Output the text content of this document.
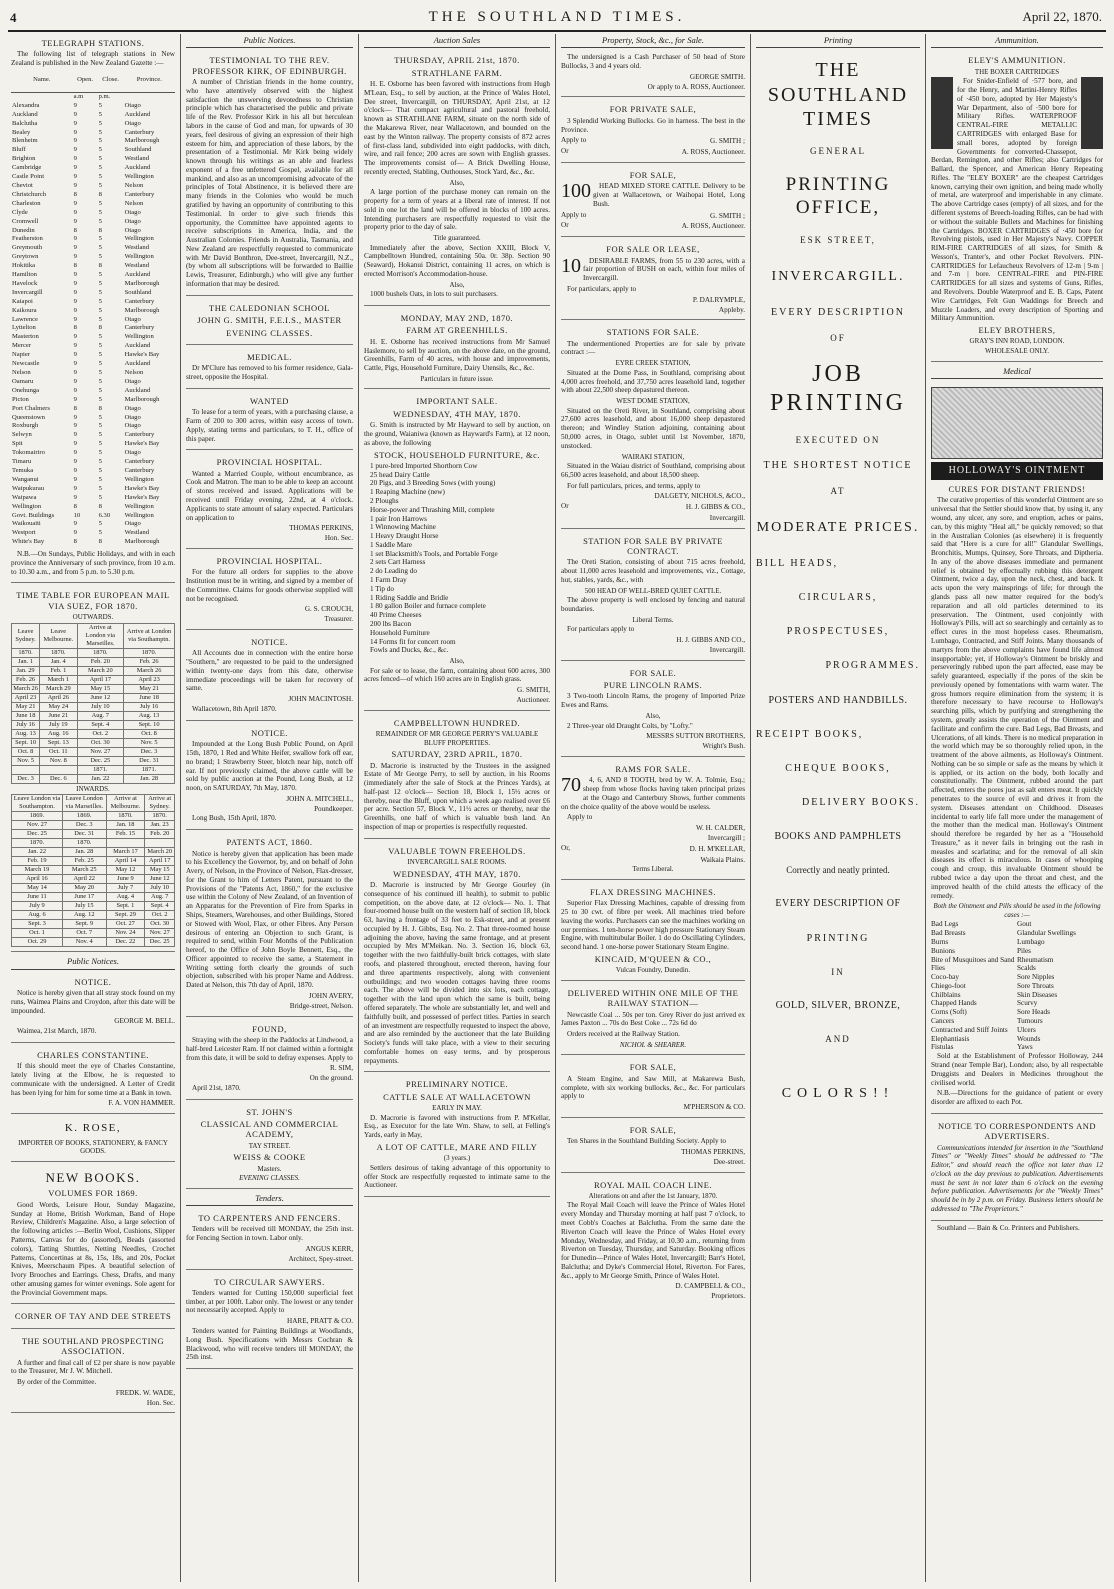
4	THE SOUTHLAND TIMES.	April 22, 1870.
TELEGRAPH STATIONS.

The following list of telegraph stations in New Zealand is published in the New Zealand Gazette :—

Name.	Open.	Close.	Province.
	a.m	p.m.	
Alexandra	9	5	Otago
Auckland	9	5	Auckland
Balclutha	9	5	Otago
Bealey	9	5	Canterbury
Blenheim	9	5	Marlborough
Bluff	9	5	Southland
Brighton	9	5	Westland
Cambridge	9	5	Auckland
Castle Point	9	5	Wellington
Cheviot	9	5	Nelson
Christchurch	8	8	Canterbury
Charleston	9	5	Nelson
Clyde	9	5	Otago
Cromwell	9	5	Otago
Dunedin	8	8	Otago
Featherston	9	5	Wellington
Greymouth	9	5	Westland
Greytown	9	5	Wellington
Hokitika	8	8	Westland
Hamilton	9	5	Auckland
Havelock	9	5	Marlborough
Invercargill	9	5	Southland
Kaiapoi	9	5	Canterbury
Kaikoura	9	5	Marlborough
Lawrence	9	5	Otago
Lyttelton	8	8	Canterbury
Masterton	9	5	Wellington
Mercer	9	5	Auckland
Napier	9	5	Hawke's Bay
Newcastle	9	5	Auckland
Nelson	9	5	Nelson
Oamaru	9	5	Otago
Onehunga	9	5	Auckland
Picton	9	5	Marlborough
Port Chalmers	8	8	Otago
Queenstown	9	5	Otago
Roxburgh	9	5	Otago
Selwyn	9	5	Canterbury
Spit	9	5	Hawke's Bay
Tokomairiro	9	5	Otago
Timaru	9	5	Canterbury
Temuka	9	5	Canterbury
Wanganui	9	5	Wellington
Waipukurau	9	5	Hawke's Bay
Waipawa	9	5	Hawke's Bay
Wellington	8	8	Wellington
Govt. Buildings	10	6.30	Wellington
Waikouaiti	9	5	Otago
Westport	9	5	Westland
White's Bay	8	8	Marlborough

N.B.—On Sundays, Public Holidays, and with in each province the Anniversary of such province, from 10 a.m. to 10.30 a.m., and from 5 p.m. to 5.30 p.m.

TIME TABLE FOR EUROPEAN MAIL VIA SUEZ, FOR 1870.
OUTWARDS.
Leave Sydney.	Leave Melbourne.	Arrive at London via Marseilles.	Arrive at London via Southamptn.
1870.	1870.	1870.	1870.
Jan. 1	Jan. 4	Feb. 20	Feb. 26
Jan. 29	Feb. 1	March 20	March 26
Feb. 26	March 1	April 17	April 23
March 26	March 29	May 15	May 21
April 23	April 26	June 12	June 18
May 21	May 24	July 10	July 16
June 18	June 21	Aug. 7	Aug. 13
July 16	July 19	Sept. 4	Sept. 10
Aug. 13	Aug. 16	Oct. 2	Oct. 8
Sept. 10	Sept. 13	Oct. 30	Nov. 5
Oct. 8	Oct. 11	Nov. 27	Dec. 3
Nov. 5	Nov. 8	Dec. 25	Dec. 31
		1871.	1871.
Dec. 3	Dec. 6	Jan. 22	Jan. 28
INWARDS.
Leave London via Southampton.	Leave London via Marseilles.	Arrive at Melbourne.	Arrive at Sydney.
1869.	1869.	1870.	1870.
Nov. 27	Dec. 3	Jan. 18	Jan. 23
Dec. 25	Dec. 31	Feb. 15	Feb. 20
1870.	1870.		
Jan. 22	Jan. 28	March 17	March 20
Feb. 19	Feb. 25	April 14	April 17
March 19	March 25	May 12	May 15
April 16	April 22	June 9	June 12
May 14	May 20	July 7	July 10
June 11	June 17	Aug. 4	Aug. 7
July 9	July 15	Sept. 1	Sept. 4
Aug. 6	Aug. 12	Sept. 29	Oct. 2
Sept. 3	Sept. 9	Oct. 27	Oct. 30
Oct. 1	Oct. 7	Nov. 24	Nov. 27
Oct. 29	Nov. 4	Dec. 22	Dec. 25
Public Notices.
NOTICE.

Notice is hereby given that all stray stock found on my runs, Waimea Plains and Croydon, after this date will be impounded.

GEORGE M. BELL.

Waimea, 21st March, 1870.

CHARLES CONSTANTINE.

If this should meet the eye of Charles Constantine, lately living at the Elbow, he is requested to communicate with the undersigned. A Letter of Credit has been lying for him for some time at a Bank in town.

F. A. VON HAMMER.
K. ROSE,
IMPORTER OF BOOKS, STATIONERY, & FANCY GOODS.
NEW BOOKS.
VOLUMES FOR 1869.

Good Words, Leisure Hour, Sunday Magazine, Sunday at Home, British Workman, Band of Hope Review, Children's Magazine. Also, a large selection of the following articles :—Berlin Wool, Cushions, Slipper Patterns, Canvas for do (assorted), Beads (assorted colors), Tatting Shuttles, Netting Needles, Crochet Patterns, Concertinas at 8s, 15s, 18s, and 20s, Pocket Knives, Meerschaum Pipes. A beautiful selection of Ivory Brooches and Earrings. Chess, Drafts, and many other amusing games for winter evenings. Sole agent for the Provincial Government maps.

CORNER OF TAY AND DEE STREETS
THE SOUTHLAND PROSPECTING ASSOCIATION.

A further and final call of £2 per share is now payable to the Treasurer, Mr J. W. Mitchell.

By order of the Committee.

FREDK. W. WADE,
Hon. Sec.
Public Notices.
TESTIMONIAL TO THE REV. PROFESSOR KIRK, OF EDINBURGH.

A number of Christian friends in the home country, who have attentively observed with the highest satisfaction the unswerving devotedness to Christian principle which has characterised the public and private life of the Rev. Professor Kirk in his all but herculean labors in the cause of God and man, for upwards of 30 years, feel desirous of giving an expression of their high esteem for him, and appreciation of these labors, by the presentation of a Testimonial. Mr Kirk being widely known through his writings as an able and fearless exponent of a free unfettered Gospel, available for all mankind, and also as an uncompromising advocate of the principles of Total Abstinence, it is believed there are many friends in the Colonies who would be much gratified by having an opportunity of contributing to this Testimonial. In order to give such friends this opportunity, the Committee have appointed agents to receive subscriptions in America, India, and the Australian Colonies. Friends in Australia, Tasmania, and New Zealand are respectfully requested to communicate with Mr David Bonthron, Dee-street, Invercargill, N.Z., (by whom all subscriptions will be forwarded to Baillie Lewis, Treasurer, Edinburgh,) who will give any further information that may be desired.

THE CALEDONIAN SCHOOL
JOHN G. SMITH, F.E.I.S., MASTER
EVENING CLASSES.
MEDICAL.

Dr M'Clure has removed to his former residence, Gala-street, opposite the Hospital.

WANTED

To lease for a term of years, with a purchasing clause, a Farm of 200 to 300 acres, within easy access of town. Apply, stating terms and particulars, to T. H., office of this paper.

PROVINCIAL HOSPITAL.

Wanted a Married Couple, without encumbrance, as Cook and Matron. The man to be able to keep an account of stores received and issued. Applications will be received until Friday evening, 22nd, at 4 o'clock. Applicants to state amount of salary expected. Particulars on application to

THOMAS PERKINS,
Hon. Sec.
PROVINCIAL HOSPITAL.

For the future all orders for supplies to the above Institution must be in writing, and signed by a member of the Committee. Claims for goods otherwise supplied will not be recognised.

G. S. CROUCH,
Treasurer.
NOTICE.

All Accounts due in connection with the entire horse "Southern," are requested to be paid to the undersigned within twenty-one days from this date, otherwise immediate proceedings will be taken for recovery of same.

JOHN MACINTOSH.

Wallacetown, 8th April 1870.

NOTICE.

Impounded at the Long Bush Public Pound, on April 15th, 1870, 1 Red and White Heifer, swallow fork off ear, no brand; 1 Strawberry Steer, blotch near hip, notch off ear. If not previously claimed, the above cattle will be sold by public auction at the Pound, Long Bush, at 12 noon, on SATURDAY, 7th May, 1870.

JOHN A. MITCHELL,
Poundkeeper.

Long Bush, 15th April, 1870.

PATENTS ACT, 1860.

Notice is hereby given that application has been made to his Excellency the Governor, by, and on behalf of John Avery, of Nelson, in the Province of Nelson, Flax-dresser, for the Grant to him of Letters Patent, pursuant to the Provisions of the "Patents Act, 1860," for the exclusive use within the Colony of New Zealand, of an Invention of an Apparatus for the Prevention of Fire from Sparks in Ships, Steamers, Warehouses, and other Buildings, Stored or Stowed with Wool, Flax, or other Fibres. Any Person desirous of entering an Objection to such Grant, is required to send, within Four Months of the Publication hereof, to the Office of John Boyle Bennett, Esq., the Officer appointed to receive the same, a Statement in Writing setting forth clearly the grounds of such objection, subscribed with his proper Name and Address. Dated at Nelson, this 7th day of April, 1870.

JOHN AVERY,
Bridge-street, Nelson.
FOUND,

Straying with the sheep in the Paddocks at Lindwood, a half-bred Leicester Ram. If not claimed within a fortnight from this date, it will be sold to defray expenses. Apply to

R. SIM,
On the ground.

April 21st, 1870.

ST. JOHN'S
CLASSICAL AND COMMERCIAL ACADEMY,
TAY STREET.
WEISS & COOKE
Masters.
EVENING CLASSES.
Tenders.
TO CARPENTERS AND FENCERS.

Tenders will be received till MONDAY, the 25th inst. for Fencing Section in town. Labor only.

ANGUS KERR,
Architect, Spey-street.
TO CIRCULAR SAWYERS.

Tenders wanted for Cutting 150,000 superficial feet timber, at per 100ft. Labor only. The lowest or any tender not necessarily accepted. Apply to

HARE, PRATT & CO.

Tenders wanted for Painting Buildings at Woodlands, Long Bush. Specifications with Messrs Cochran & Blackwood, who will receive tenders till MONDAY, the 25th inst.

Auction Sales
THURSDAY, APRIL 21st, 1870.
STRATHLANE FARM.

H. E. Osborne has been favored with instructions from Hugh M'Lean, Esq., to sell by auction, at the Prince of Wales Hotel, Dee street, Invercargill, on THURSDAY, April 21st, at 12 o'clock— That compact agricultural and pastoral freehold, known as STRATHLANE FARM, situate on the north side of the Makarewa River, near Wallacetown, and bounded on the east by the Winton railway. The property consists of 872 acres of first-class land, subdivided into eight paddocks, with ditch, wire, and rail fence; 200 acres are sown with English grasses. The improvements consist of— A Brick Dwelling House, recently erected, Stabling, Outhouses, Stock Yard, &c., &c.

Also,

A large portion of the purchase money can remain on the property for a term of years at a liberal rate of interest. If not sold in one lot the land will be offered in blocks of 100 acres. Intending purchasers are respectfully requested to visit the property prior to the day of sale.

Title guaranteed.

Immediately after the above, Section XXIII, Block V, Campbelltown Hundred, containing 50a. 0r. 38p. Section 90 (Seaward), Hokanui District, containing 11 acres, on which is erected Morrison's Accommodation-house.

Also,

1000 bushels Oats, in lots to suit purchasers.

MONDAY, MAY 2ND, 1870.
FARM AT GREENHILLS.

H. E. Osborne has received instructions from Mr Samuel Haslemore, to sell by auction, on the above date, on the ground, Greenhills, Farm of 40 acres, with house and improvements, Cattle, Pigs, Household Furniture, Dairy Utensils, &c., &c.

Particulars in future issue.
IMPORTANT SALE.
WEDNESDAY, 4TH MAY, 1870.

G. Smith is instructed by Mr Hayward to sell by auction, on the ground, Waianiwa (known as Hayward's Farm), at 12 noon, as above, the following

STOCK, HOUSEHOLD FURNITURE, &c.
1 pure-bred Imported Shorthorn Cow
25 head Dairy Cattle
20 Pigs, and 3 Breeding Sows (with young)
1 Reaping Machine (new)
2 Ploughs
Horse-power and Thrashing Mill, complete
1 pair Iron Harrows
1 Winnowing Machine
1 Heavy Draught Horse
1 Saddle Mare
1 set Blacksmith's Tools, and Portable Forge
2 sets Cart Harness
2 do Leading do
1 Farm Dray
1 Tip do
1 Riding Saddle and Bridle
1 80 gallon Boiler and furnace complete
40 Prime Cheeses
200 lbs Bacon
Household Furniture
14 Forms fit for concert room
Fowls and Ducks, &c., &c.
Also,

For sale or to lease, the farm, containing about 600 acres, 300 acres fenced—of which 160 acres are in English grass.

G. SMITH,
Auctioneer.
CAMPBELLTOWN HUNDRED.
REMAINDER OF MR GEORGE PERRY'S VALUABLE BLUFF PROPERTIES.
SATURDAY, 23RD APRIL, 1870.

D. Macrorie is instructed by the Trustees in the assigned Estate of Mr George Perry, to sell by auction, in his Rooms (immediately after the sale of Stock at the Princes Yards), at half-past 12 o'clock— Section 18, Block 1, 15½ acres or thereby, near the Bluff, upon which a week ago realised over £6 per acre. Section 57, Block V., 11½ acres or thereby, near the Greenhills, one half of which is valuable bush land. An inspection of map or properties is respectfully requested.

VALUABLE TOWN FREEHOLDS.
INVERCARGILL SALE ROOMS.
WEDNESDAY, 4TH MAY, 1870.

D. Macrorie is instructed by Mr George Gourley (in consequence of his continued ill health), to submit to public competition, on the above date, at 12 o'clock— No. 1. That four-roomed house built on the western half of section 18, block 63, having a frontage of 33 feet to Esk-street, and at present occupied by H. J. Gibbs, Esq. No. 2. That three-roomed house adjoining the above, having the same frontage, and at present occupied by Mrs M'Meikan. No. 3. Section 16, block 63, together with the two faithfully-built brick cottages, with slate roofs, and plastered throughout, erected thereon, having four and three apartments respectively, along with convenient outbuildings; and two wooden cottages having three rooms each. The above will be divided into six lots, each cottage, together with the land upon which the same is built, being offered separately. The whole are substantially let, and well and faithfully built, and possessed of perfect titles. Parties in search of an investment are respectfully requested to inspect the above, and are also reminded by the auctioneer that the late Building Society's funds will take place, with a view to their securing comfortable homes on easy terms, and by prosperous repayments.

PRELIMINARY NOTICE.
CATTLE SALE AT WALLACETOWN
EARLY IN MAY.

D. Macrorie is favored with instructions from P. M'Kellar, Esq., as Executor for the late Wm. Shaw, to sell, at Felling's Yards, early in May,

A LOT OF CATTLE, MARE AND FILLY
(3 years.)

Settlers desirous of taking advantage of this opportunity to offer Stock are respectfully requested to intimate same to the Auctioneer.

Property, Stock, &c., for Sale.

The undersigned is a Cash Purchaser of 50 head of Store Bullocks, 3 and 4 years old.

GEORGE SMITH.
Or apply to A. ROSS, Auctioneer.
FOR PRIVATE SALE,

3 Splendid Working Bullocks. Go in harness. The best in the Province.

Apply to	G. SMITH ;
Or	A. ROSS, Auctioneer.
FOR SALE,
100	HEAD MIXED STORE CATTLE. Delivery to be given at Wallacetown, or Waihopai Hotel, Long Bush.

Apply to	G. SMITH ;
Or	A. ROSS, Auctioneer.
FOR SALE OR LEASE,
10	DESIRABLE FARMS, from 55 to 230 acres, with a fair proportion of BUSH on each, within four miles of Invercargill.

For particulars, apply to

P. DALRYMPLE,
Appleby.
STATIONS FOR SALE.

The undermentioned Properties are for sale by private contract :—

EYRE CREEK STATION,

Situated at the Dome Pass, in Southland, comprising about 4,000 acres freehold, and 37,750 acres leasehold land, together with about 22,500 sheep depastured thereon.

WEST DOME STATION,

Situated on the Oreti River, in Southland, comprising about 27,600 acres leasehold, and about 16,000 sheep depastured thereon; and Windley Station adjoining, containing about 50,000 acres, in Otago, sublet until 1st November, 1870, unstocked.

WAIRAKI STATION,

Situated in the Waiau district of Southland, comprising about 66,500 acres leasehold, and about 18,500 sheep.

For full particulars, prices, and terms, apply to

DALGETY, NICHOLS, &CO.,
Or	H. J. GIBBS & CO.,
Invercargill.
STATION FOR SALE BY PRIVATE CONTRACT.

The Oreti Station, consisting of about 715 acres freehold, about 11,000 acres leasehold and improvements, viz., Cottage, hut, stables, yards, &c., with

500 HEAD OF WELL-BRED QUIET CATTLE.

The above property is well enclosed by fencing and natural boundaries.

Liberal Terms.

For particulars apply to

H. J. GIBBS AND CO.,
Invercargill.
FOR SALE.
PURE LINCOLN RAMS.

3 Two-tooth Lincoln Rams, the progeny of Imported Prize Ewes and Rams.

Also,

2 Three-year old Draught Colts, by "Lofty."

MESSRS SUTTON BROTHERS,
Wright's Bush.
RAMS FOR SALE.
70	4, 6, AND 8 TOOTH, bred by W. A. Tolmie, Esq.; sheep from whose flocks having taken principal prizes at the Otago and Canterbury Shows, further comments on the choice quality of the above would be useless.

Apply to

W. H. CALDER,
Invercargill ;
Or,	D. H. M'KELLAR,
Waikaia Plains.
Terms Liberal.
FLAX DRESSING MACHINES.

Superior Flax Dressing Machines, capable of dressing from 25 to 30 cwt. of fibre per week. All machines tried before leaving the works. Purchasers can see the machines working on our premises. 1 ten-horse power high pressure Stationary Steam Engine, with multitubular Boiler. 1 do do Oscillating Cylinders, second hand. 1 one-horse power Stationary Steam Engine.

KINCAID, M'QUEEN & CO.,
Vulcan Foundry, Dunedin.
DELIVERED WITHIN ONE MILE OF THE RAILWAY STATION—

Newcastle Coal ... 50s per ton. Grey River do just arrived ex James Paxton ... 70s do Best Coke ... 72s 6d do

Orders received at the Railway Station.

NICHOL & SHEARER.
FOR SALE,

A Steam Engine, and Saw Mill, at Makarewa Bush, complete, with six working bullocks, &c., &c. For particulars apply to

M'PHERSON & CO.
FOR SALE,

Ten Shares in the Southland Building Society. Apply to

THOMAS PERKINS,
Dee-street.
ROYAL MAIL COACH LINE.
Alterations on and after the 1st January, 1870.

The Royal Mail Coach will leave the Prince of Wales Hotel every Monday and Thursday morning at half past 7 o'clock, to meet Cobb's Coaches at Balclutha. From the same date the Riverton Coach will leave the Prince of Wales Hotel every Monday, Wednesday, and Friday, at 10.30 a.m., returning from Riverton on Tuesday, Thursday, and Saturday. Booking offices for Dunedin—Prince of Wales Hotel, Invercargill; Barr's Hotel, Balclutha; and Dyke's Commercial Hotel, Riverton. For Fares, &c., apply to Mr George Smith, Prince of Wales Hotel.

D. CAMPBELL & CO.,
Proprietors.
Printing
THE SOUTHLAND TIMES
GENERAL
PRINTING OFFICE,
ESK STREET,
INVERCARGILL.
EVERY DESCRIPTION
OF
JOB PRINTING
EXECUTED ON
THE SHORTEST NOTICE
AT
MODERATE PRICES.
BILL HEADS,
CIRCULARS,
PROSPECTUSES,
PROGRAMMES.
POSTERS AND HANDBILLS.
RECEIPT BOOKS,
CHEQUE BOOKS,
DELIVERY BOOKS.
BOOKS AND PAMPHLETS
Correctly and neatly printed.
EVERY DESCRIPTION OF
PRINTING
IN
GOLD, SILVER, BRONZE,
AND
COLORS!!
Ammunition.
ELEY'S AMMUNITION.
THE BOXER CARTRIDGES

For Snider-Enfield of ·577 bore, and for the Henry, and Martini-Henry Rifles of ·450 bore, adopted by Her Majesty's War Department, also of ·500 bore for Military Rifles. WATERPROOF CENTRAL-FIRE METALLIC CARTRIDGES with enlarged Base for small bores, adopted by foreign Governments for converted-Chassepot, Berdan, Remington, and other Rifles; also Cartridges for Ballard, the Spencer, and American Henry Repeating Rifles. The "ELEY BOXER" are the cheapest Cartridges known, carrying their own ignition, and being made wholly of metal, are waterproof and imperishable in any climate. The above Cartridge cases (empty) of all sizes, and for the different systems of Breech-loading Rifles, can be had with or without the suitable Bullets and Machines for finishing the Cartridges. BOXER CARTRIDGES of ·450 bore for Revolving pistols, used in Her Majesty's Navy. COPPER RIM-FIRE CARTRIDGES of all sizes, for Smith & Wesson's, Tranter's, and other Pocket Revolvers. PIN-CARTRIDGES for Lefaucheux Revolvers of 12-m | 9-m | and 7-m | bore. CENTRAL-FIRE and PIN-FIRE CARTRIDGES for all sizes and systems of Guns, Rifles, and Revolvers. Double Waterproof and E. B. Caps, Patent Wire Cartridges, Felt Gun Waddings for Breech and Muzzle Loaders, and every description of Sporting and Military Ammunition.

ELEY BROTHERS,
GRAY'S INN ROAD, LONDON.
WHOLESALE ONLY.
Medical
HOLLOWAY'S OINTMENT
CURES FOR DISTANT FRIENDS!

The curative properties of this wonderful Ointment are so universal that the Settler should know that, by using it, any wound, any ulcer, any sore, and eruption, aches or pains, can, by this mighty "Heal all," be quickly removed; so that in the Australian Colonies (as elsewhere) it is frequently said that "Here is a cure for all!" Glandular Swellings, Bronchitis, Mumps, Quinsey, Sore Throats, and Diptheria. In any of the above diseases immediate and permanent relief is obtained by effectually rubbing this detergent Ointment, twice a day, upon the neck, chest, and back. It acts upon the very mainsprings of life; for through the glands pass all new matter required for the body's reparation and all old particles determined to its preservation. The Ointment, used conjointly with Holloway's Pills, will act so searchingly and certainly as to effect cures in the most hopeless cases. Rheumatism, Lumbago, Contracted, and Stiff Joints. Many thousands of martyrs from the above complaints have found life almost insupportable; yet, if Holloway's Ointment be briskly and perseveringly rubbed upon the part affected, ease may be safely guaranteed, especially if the pores of the skin be previously opened by fomentations with warm water. The gross humors require elimination from the system; it is therefore necessary to have recourse to Holloway's searching pills, which by purifying and strengthening the system, greatly assists the operation of the Ointment and facilitate and confirm the cure. Bad Legs, Bad Breasts, and Ulcerations, of all kinds. There is no medical preparation in the world which may be so thoroughly relied upon, in the treatment of the above ailments, as Holloway's Ointment. Nothing can be so simple or safe as the means by which it is applied, or its action on the body, both locally and constitutionally. The Ointment, rubbed around the part affected, enters the pores just as salt enters meat. It quickly penetrates to the source of evil and drives it from the system. Diseases attendant on Childhood. Diseases incidental to early life fall more under the management of the mother than the medical man. Holloway's Ointment should therefore be regarded by her as a "Household Treasure," as it never fails in bringing out the rash in measles and scarlatina; and for the removal of all skin diseases its effect is miraculous. In cases of whooping cough and croup, this invaluable Ointment should be rubbed twice a day upon the throat and chest, and the improved health of the child attests the efficacy of the remedy.

Both the Ointment and Pills should be used in the following cases :—
Bad Legs
Bad Breasts
Burns
Bunions
Bite of Musquitoes and Sand Flies
Coco-bay
Chiego-foot
Chilblains
Chapped Hands
Corns (Soft)
Cancers
Contracted and Stiff Joints
Elephantiasis
Fistulas
Gout
Glandular Swellings
Lumbago
Piles
Rheumatism
Scalds
Sore Nipples
Sore Throats
Skin Diseases
Scurvy
Sore Heads
Tumours
Ulcers
Wounds
Yaws

Sold at the Establishment of Professor Holloway, 244 Strand (near Temple Bar), London; also, by all respectable Druggists and Dealers in Medicines throughout the civilised world.

N.B.—Directions for the guidance of patient or every disorder are affixed to each Pot.

NOTICE TO CORRESPONDENTS AND ADVERTISERS.

Communications intended for insertion in the "Southland Times" or "Weekly Times" should be addressed to "The Editor," and should reach the office not later than 12 o'clock on the day previous to publication. Advertisements must be sent in not later than 6 o'clock on the evening before publication. Advertisements for the "Weekly Times" should be in by 2 p.m. on Friday. Business letters should be addressed to "The Proprietors."

Southland — Bain & Co. Printers and Publishers.
